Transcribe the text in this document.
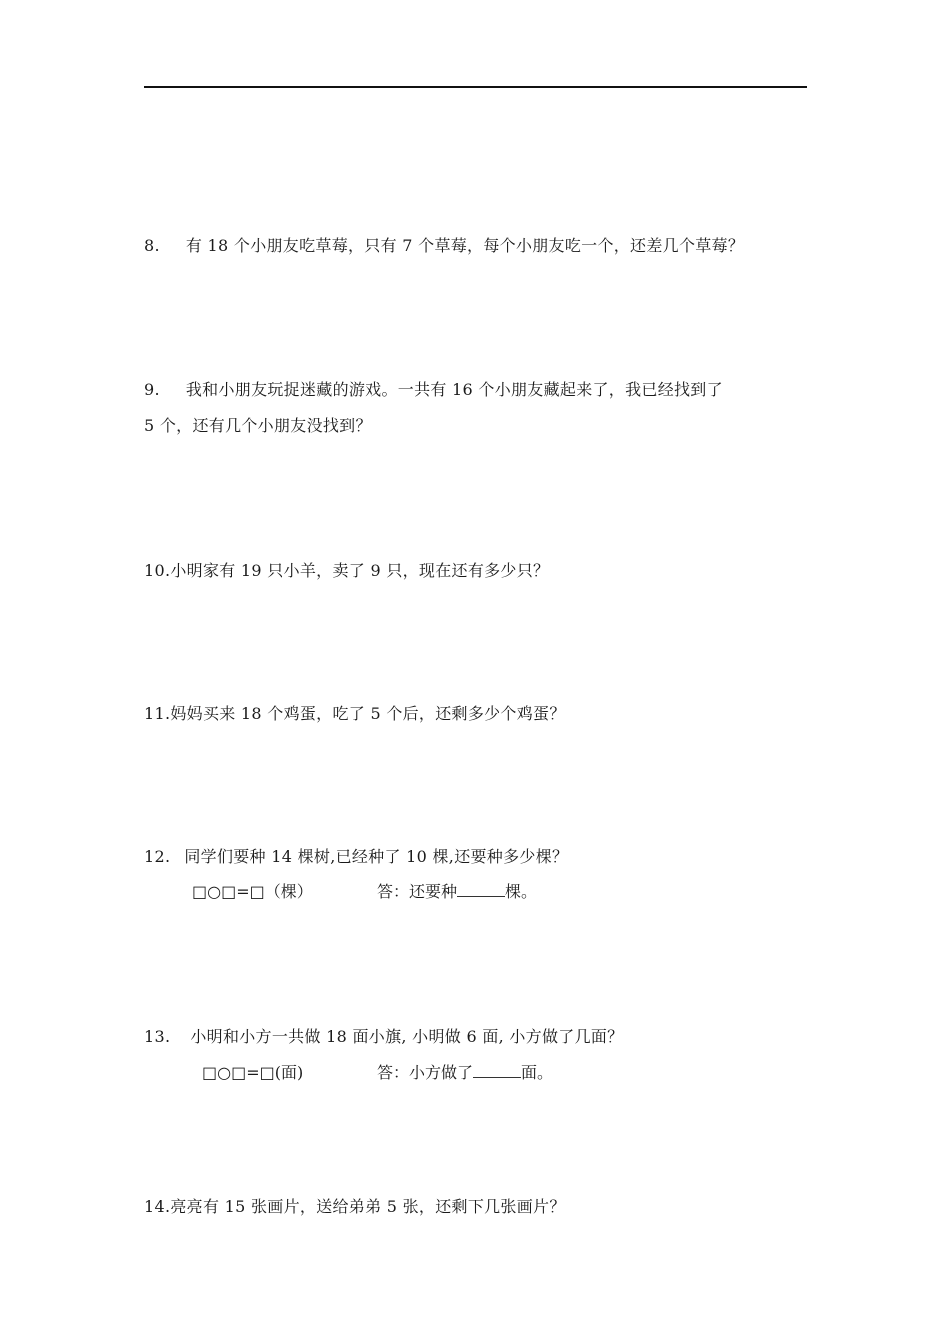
8. 有 18 个小朋友吃草莓，只有 7 个草莓，每个小朋友吃一个，还差几个草莓？
9. 我和小朋友玩捉迷藏的游戏。一共有 16 个小朋友藏起来了，我已经找到了
5 个，还有几个小朋友没找到？
10.小明家有 19 只小羊，卖了 9 只，现在还有多少只？
11.妈妈买来 18 个鸡蛋，吃了 5 个后，还剩多少个鸡蛋？
12. 同学们要种 14 棵树,已经种了 10 棵,还要种多少棵？
□○□=□（棵）	答：还要种	棵。
13. 小明和小方一共做 18 面小旗, 小明做 6 面, 小方做了几面？
□○□=□(面)	答：小方做了	面。
14.亮亮有 15 张画片，送给弟弟 5 张，还剩下几张画片？
